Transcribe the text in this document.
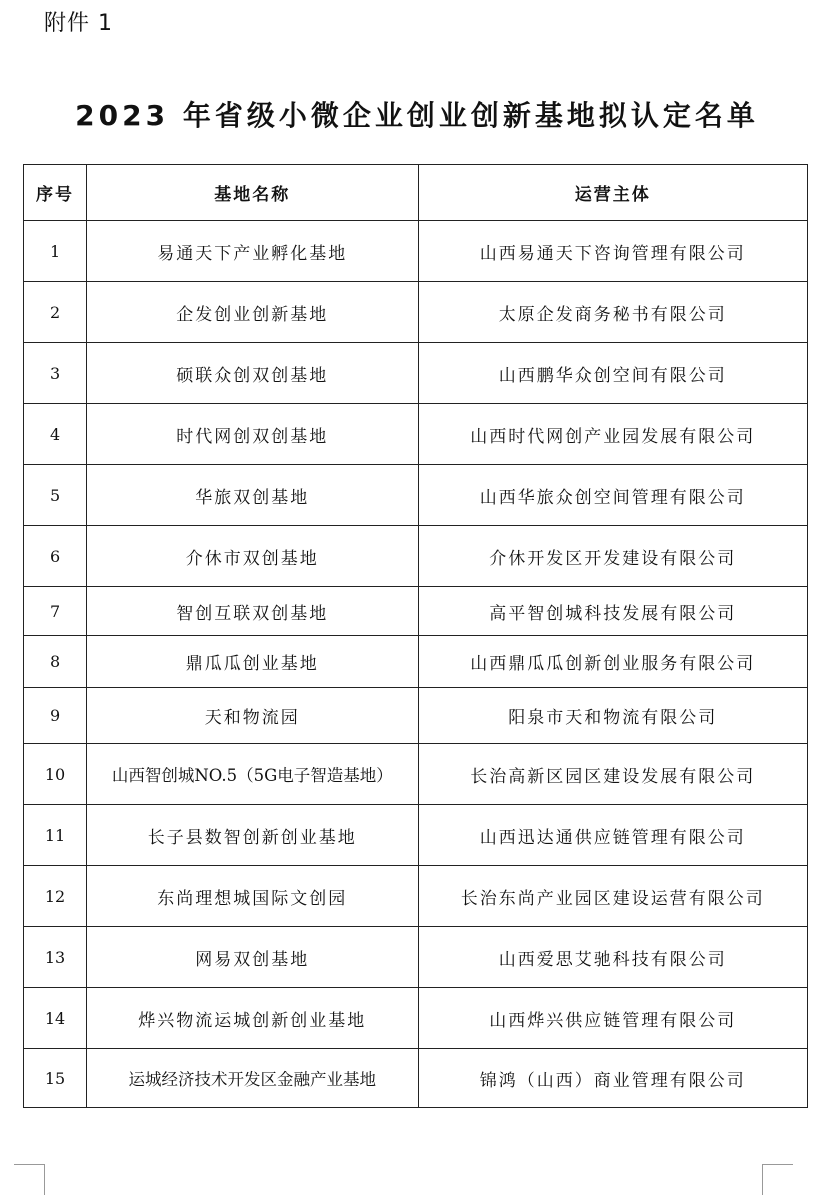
附件 1
2023 年省级小微企业创业创新基地拟认定名单
序号	基地名称	运营主体
1	易通天下产业孵化基地	山西易通天下咨询管理有限公司
2	企发创业创新基地	太原企发商务秘书有限公司
3	硕联众创双创基地	山西鹏华众创空间有限公司
4	时代网创双创基地	山西时代网创产业园发展有限公司
5	华旅双创基地	山西华旅众创空间管理有限公司
6	介休市双创基地	介休开发区开发建设有限公司
7	智创互联双创基地	高平智创城科技发展有限公司
8	鼎瓜瓜创业基地	山西鼎瓜瓜创新创业服务有限公司
9	天和物流园	阳泉市天和物流有限公司
10	山西智创城NO.5（5G电子智造基地）	长治高新区园区建设发展有限公司
11	长子县数智创新创业基地	山西迅达通供应链管理有限公司
12	东尚理想城国际文创园	长治东尚产业园区建设运营有限公司
13	网易双创基地	山西爱思艾驰科技有限公司
14	烨兴物流运城创新创业基地	山西烨兴供应链管理有限公司
15	运城经济技术开发区金融产业基地	锦鸿（山西）商业管理有限公司
